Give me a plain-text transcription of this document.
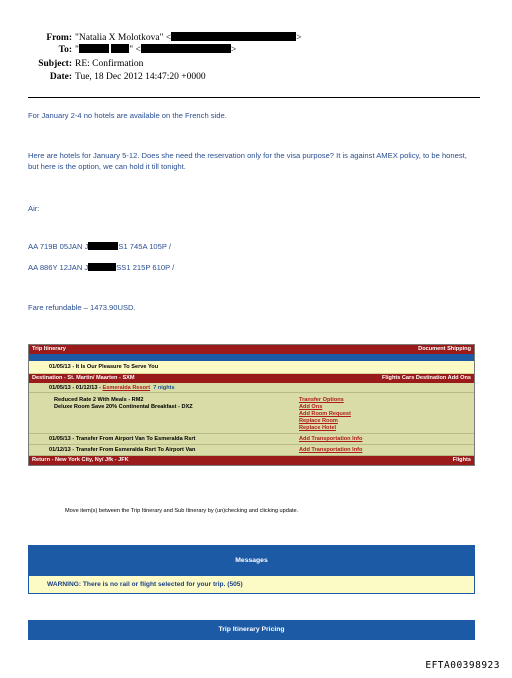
From: "Natalia X Molotkova" <	>
To: "	" <	>
Subject: RE: Confirmation
Date: Tue, 18 Dec 2012 14:47:20 +0000
For January 2-4 no hotels are available on the French side.
Here are hotels for January 5-12. Does she need the reservation only for the visa purpose? It is against AMEX policy, to be honest, but here is the option, we can hold it till tonight.
Air:
AA 719B 05JAN J	S1 745A 105P /
AA 886Y 12JAN J	SS1 215P 610P /
Fare refundable – 1473.90USD.
Trip Itinerary	Document Shipping
01/05/13 - It Is Our Pleasure To Serve You
Destination - St. Martin/ Maarten - SXM	Flights Cars Destination Add Ons
01/05/13 - 01/12/13 - Esmeralda Resort 7 nights
Reduced Rate 2 With Meals - RM2
Deluxe Room Save 20% Continental Breakfast - DXZ
Transfer Options
Add Ons
Add Room Request
Replace Room
Replace Hotel
01/05/13 - Transfer From Airport Van To Esmeralda Rsrt	Add Transportation Info
01/12/13 - Transfer From Esmeralda Rsrt To Airport Van	Add Transportation Info
Return - New York City, Ny/ Jfk - JFK	Flights
Move item(s) between the Trip Itinerary and Sub Itinerary by (un)checking and clicking update.
Messages
WARNING: There is no rail or flight selected for your trip. (505)
Trip Itinerary Pricing
EFTA00398923
